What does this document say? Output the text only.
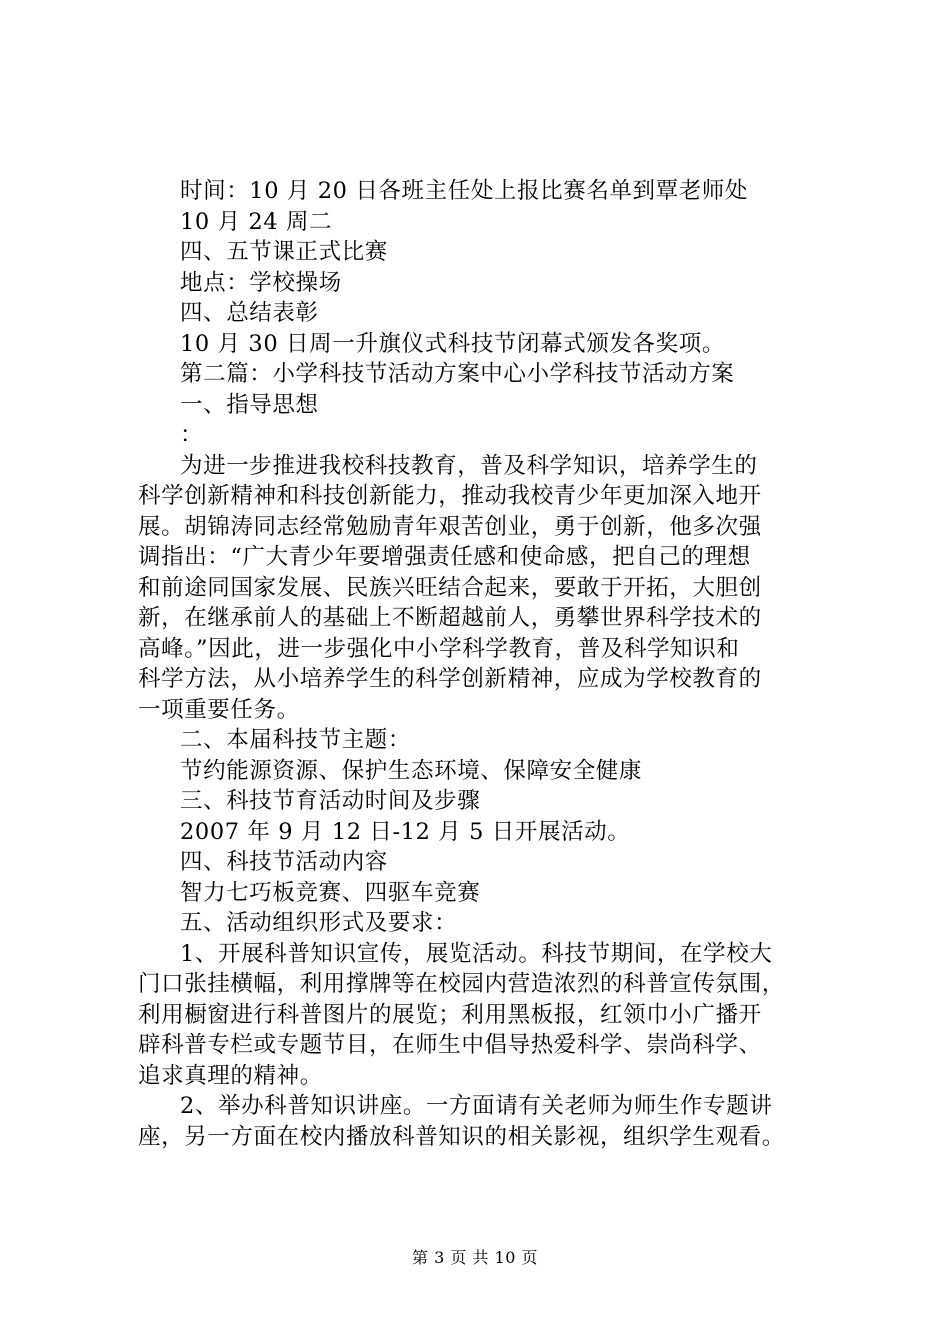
时间：10 月 20 日各班主任处上报比赛名单到覃老师处
10 月 24 周二
四、五节课正式比赛
地点：学校操场
四、总结表彰
10 月 30 日周一升旗仪式科技节闭幕式颁发各奖项。
第二篇：小学科技节活动方案中心小学科技节活动方案
一、指导思想
：
为进一步推进我校科技教育，普及科学知识，培养学生的
科学创新精神和科技创新能力，推动我校青少年更加深入地开
展。胡锦涛同志经常勉励青年艰苦创业，勇于创新，他多次强
调指出：“广大青少年要增强责任感和使命感，把自己的理想
和前途同国家发展、民族兴旺结合起来，要敢于开拓，大胆创
新，在继承前人的基础上不断超越前人，勇攀世界科学技术的
高峰。”因此，进一步强化中小学科学教育，普及科学知识和
科学方法，从小培养学生的科学创新精神，应成为学校教育的
一项重要任务。
二、本届科技节主题：
节约能源资源、保护生态环境、保障安全健康
三、科技节育活动时间及步骤
2007 年 9 月 12 日-12 月 5 日开展活动。
四、科技节活动内容
智力七巧板竞赛、四驱车竞赛
五、活动组织形式及要求：
1、开展科普知识宣传，展览活动。科技节期间，在学校大
门口张挂横幅，利用撑牌等在校园内营造浓烈的科普宣传氛围，
利用橱窗进行科普图片的展览；利用黑板报，红领巾小广播开
辟科普专栏或专题节目，在师生中倡导热爱科学、崇尚科学、
追求真理的精神。
2、举办科普知识讲座。一方面请有关老师为师生作专题讲
座，另一方面在校内播放科普知识的相关影视，组织学生观看。
第 3 页 共 10 页
